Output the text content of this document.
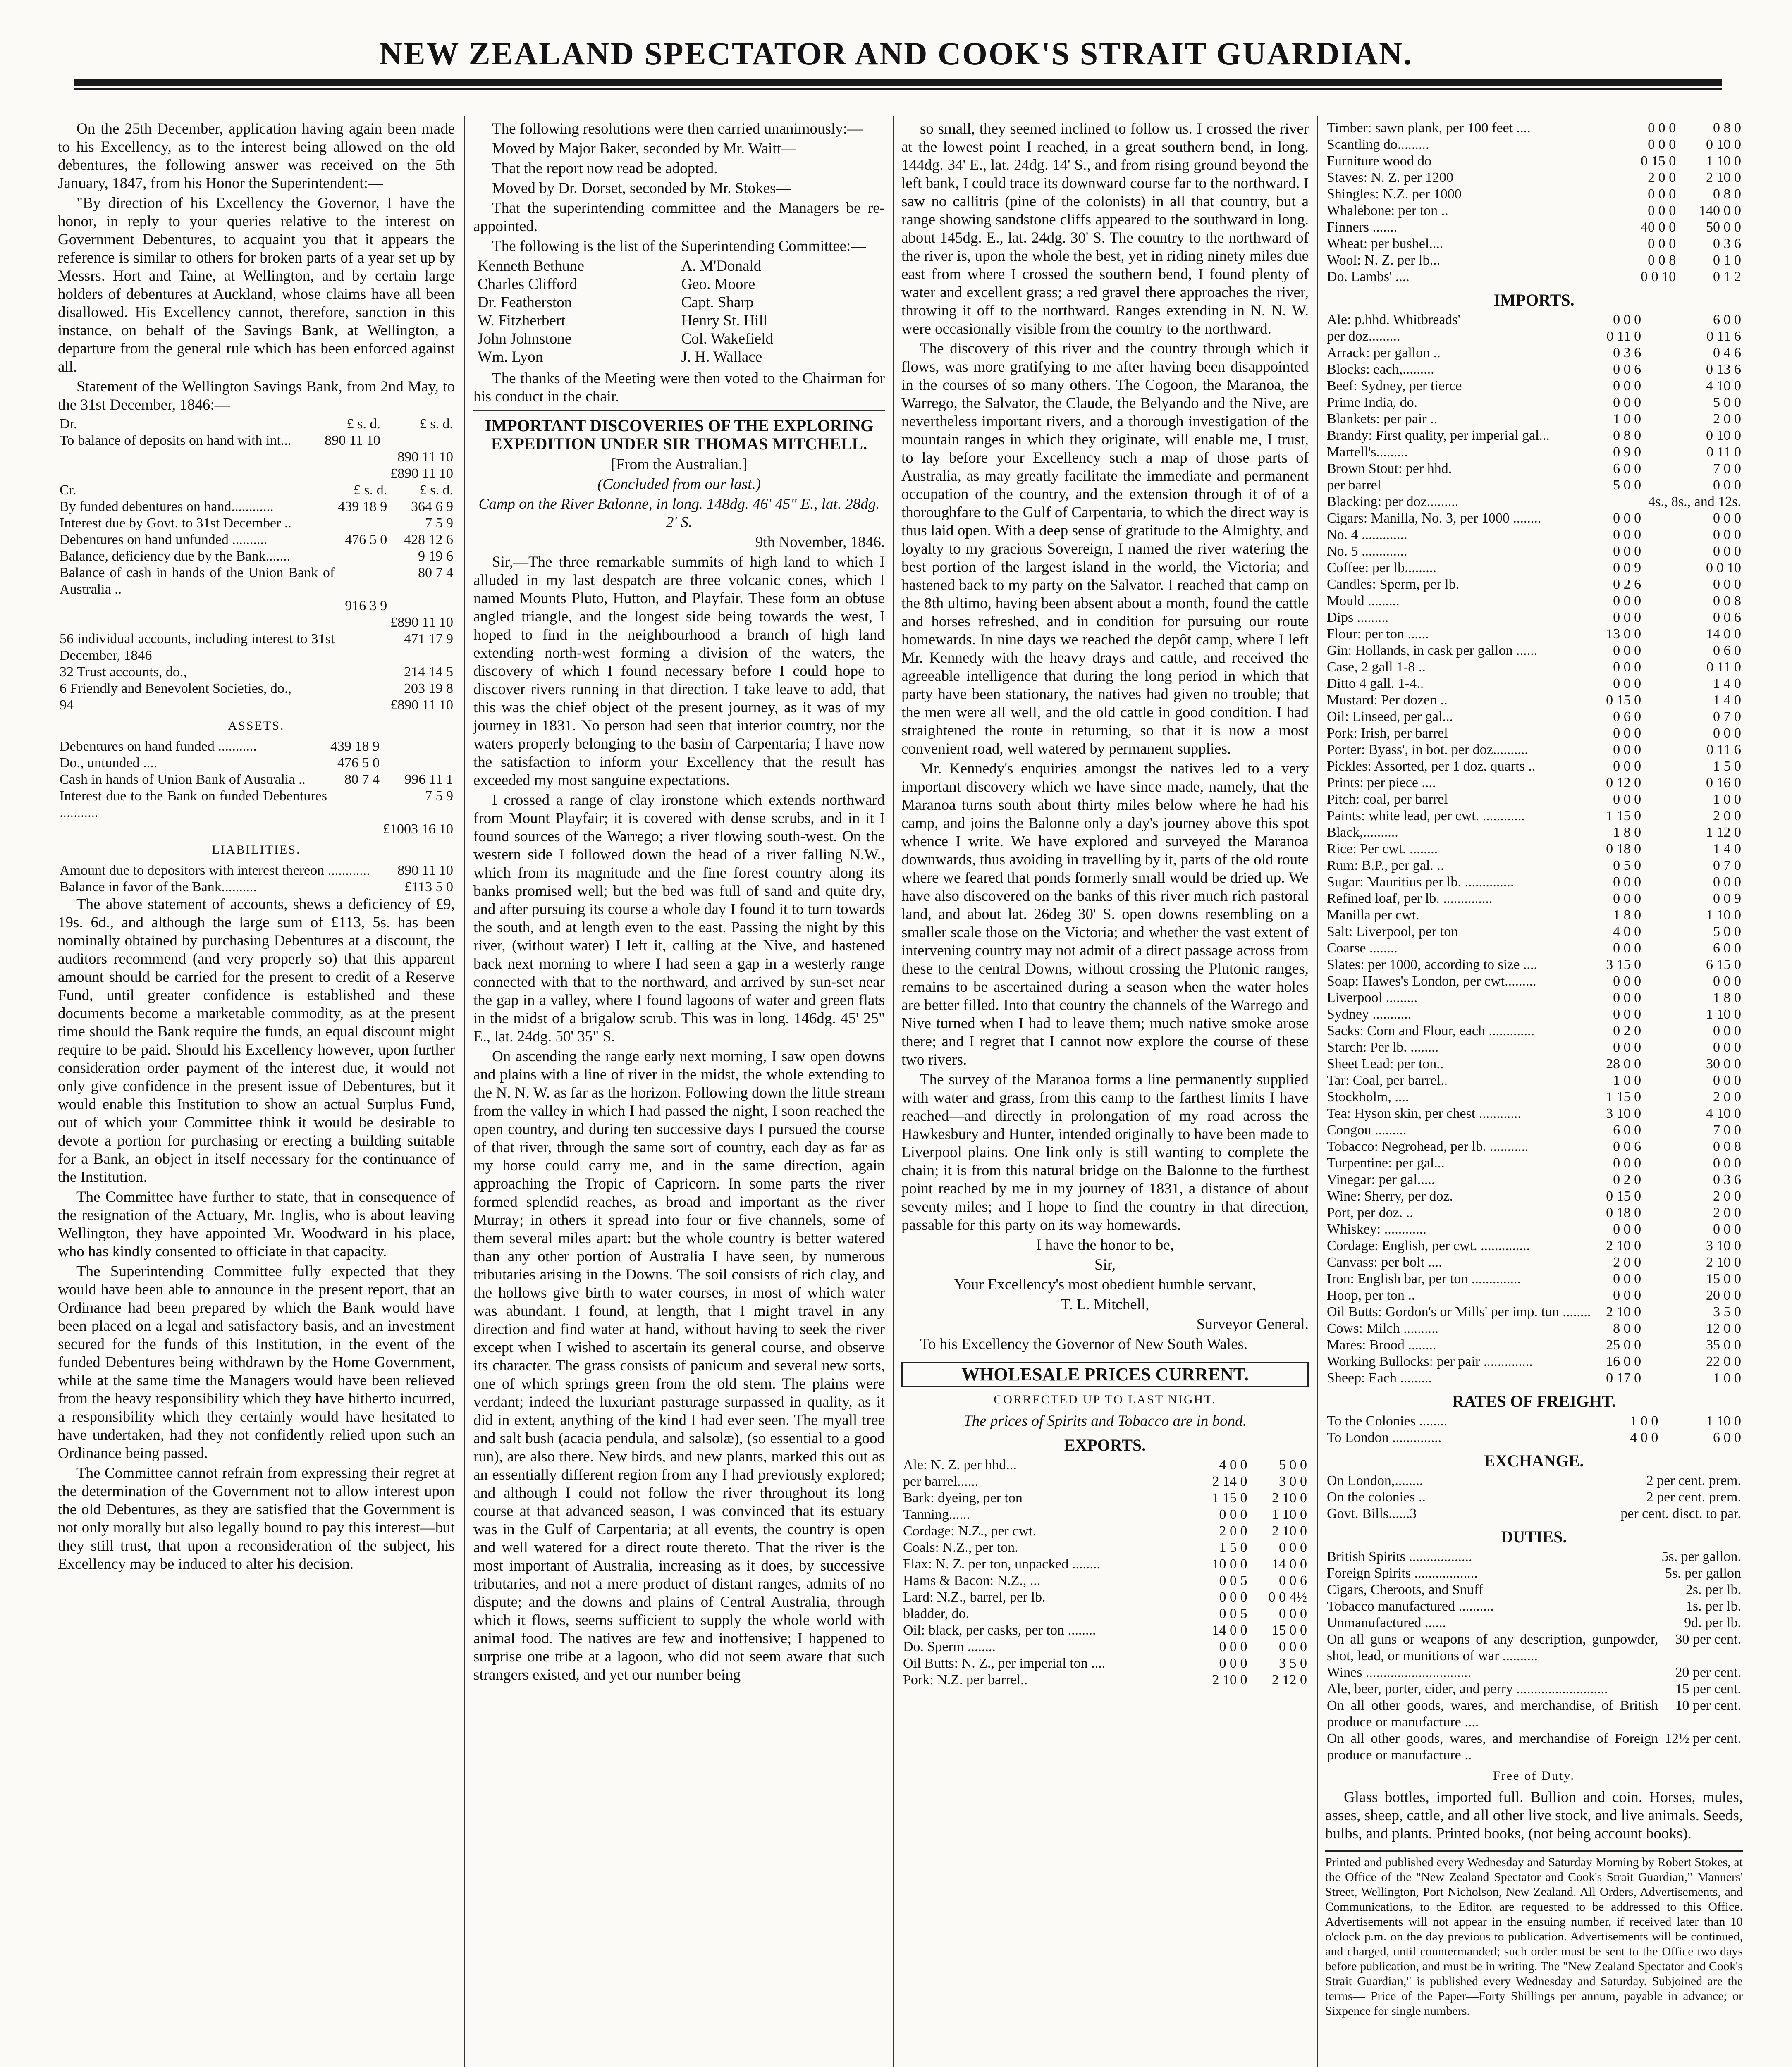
NEW ZEALAND SPECTATOR AND COOK'S STRAIT GUARDIAN.

On the 25th December, application having again been made to his Excellency, as to the interest being allowed on the old debentures, the following answer was received on the 5th January, 1847, from his Honor the Superintendent:—

"By direction of his Excellency the Governor, I have the honor, in reply to your queries relative to the interest on Government Debentures, to acquaint you that it appears the reference is similar to others for broken parts of a year set up by Messrs. Hort and Taine, at Wellington, and by certain large holders of debentures at Auckland, whose claims have all been disallowed. His Excellency cannot, therefore, sanction in this instance, on behalf of the Savings Bank, at Wellington, a departure from the general rule which has been enforced against all.

Statement of the Wellington Savings Bank, from 2nd May, to the 31st December, 1846:—

Dr.	£ s. d.	£ s. d.
To balance of deposits on hand with int...	890 11 10	
		890 11 10
		£890 11 10
Cr.	£ s. d.	£ s. d.
By funded debentures on hand............	439 18 9	364 6 9
Interest due by Govt. to 31st December ..		7 5 9
Debentures on hand unfunded ..........	476 5 0	428 12 6
Balance, deficiency due by the Bank.......		9 19 6
Balance of cash in hands of the Union Bank of Australia ..		80 7 4
	916 3 9	
		£890 11 10
56 individual accounts, including interest to 31st December, 1846		471 17 9
32 Trust accounts, do.,		214 14 5
6 Friendly and Benevolent Societies, do.,		203 19 8
94		£890 11 10
ASSETS.
Debentures on hand funded ...........	439 18 9	
Do., untunded ....	476 5 0	
Cash in hands of Union Bank of Australia ..	80 7 4	996 11 1
Interest due to the Bank on funded Debentures ...........		7 5 9
		£1003 16 10
LIABILITIES.
Amount due to depositors with interest thereon ............		890 11 10
Balance in favor of the Bank..........		£113 5 0

The above statement of accounts, shews a deficiency of £9, 19s. 6d., and although the large sum of £113, 5s. has been nominally obtained by purchasing Debentures at a discount, the auditors recommend (and very properly so) that this apparent amount should be carried for the present to credit of a Reserve Fund, until greater confidence is established and these documents become a marketable commodity, as at the present time should the Bank require the funds, an equal discount might require to be paid. Should his Excellency however, upon further consideration order payment of the interest due, it would not only give confidence in the present issue of Debentures, but it would enable this Institution to show an actual Surplus Fund, out of which your Committee think it would be desirable to devote a portion for purchasing or erecting a building suitable for a Bank, an object in itself necessary for the continuance of the Institution.

The Committee have further to state, that in consequence of the resignation of the Actuary, Mr. Inglis, who is about leaving Wellington, they have appointed Mr. Woodward in his place, who has kindly consented to officiate in that capacity.

The Superintending Committee fully expected that they would have been able to announce in the present report, that an Ordinance had been prepared by which the Bank would have been placed on a legal and satisfactory basis, and an investment secured for the funds of this Institution, in the event of the funded Debentures being withdrawn by the Home Government, while at the same time the Managers would have been relieved from the heavy responsibility which they have hitherto incurred, a responsibility which they certainly would have hesitated to have undertaken, had they not confidently relied upon such an Ordinance being passed.

The Committee cannot refrain from expressing their regret at the determination of the Government not to allow interest upon the old Debentures, as they are satisfied that the Government is not only morally but also legally bound to pay this interest—but they still trust, that upon a reconsideration of the subject, his Excellency may be induced to alter his decision.

The following resolutions were then carried unanimously:—

Moved by Major Baker, seconded by Mr. Waitt—

That the report now read be adopted.

Moved by Dr. Dorset, seconded by Mr. Stokes—

That the superintending committee and the Managers be re-appointed.

The following is the list of the Superintending Committee:—

Kenneth Bethune	A. M'Donald
Charles Clifford	Geo. Moore
Dr. Featherston	Capt. Sharp
W. Fitzherbert	Henry St. Hill
John Johnstone	Col. Wakefield
Wm. Lyon	J. H. Wallace

The thanks of the Meeting were then voted to the Chairman for his conduct in the chair.

IMPORTANT DISCOVERIES OF THE EXPLORING EXPEDITION UNDER SIR THOMAS MITCHELL.

[From the Australian.]

(Concluded from our last.)

Camp on the River Balonne, in long. 148dg. 46' 45" E., lat. 28dg. 2' S.

9th November, 1846.

Sir,—The three remarkable summits of high land to which I alluded in my last despatch are three volcanic cones, which I named Mounts Pluto, Hutton, and Playfair. These form an obtuse angled triangle, and the longest side being towards the west, I hoped to find in the neighbourhood a branch of high land extending north-west forming a division of the waters, the discovery of which I found necessary before I could hope to discover rivers running in that direction. I take leave to add, that this was the chief object of the present journey, as it was of my journey in 1831. No person had seen that interior country, nor the waters properly belonging to the basin of Carpentaria; I have now the satisfaction to inform your Excellency that the result has exceeded my most sanguine expectations.

I crossed a range of clay ironstone which extends northward from Mount Playfair; it is covered with dense scrubs, and in it I found sources of the Warrego; a river flowing south-west. On the western side I followed down the head of a river falling N.W., which from its magnitude and the fine forest country along its banks promised well; but the bed was full of sand and quite dry, and after pursuing its course a whole day I found it to turn towards the south, and at length even to the east. Passing the night by this river, (without water) I left it, calling at the Nive, and hastened back next morning to where I had seen a gap in a westerly range connected with that to the northward, and arrived by sun-set near the gap in a valley, where I found lagoons of water and green flats in the midst of a brigalow scrub. This was in long. 146dg. 45' 25" E., lat. 24dg. 50' 35" S.

On ascending the range early next morning, I saw open downs and plains with a line of river in the midst, the whole extending to the N. N. W. as far as the horizon. Following down the little stream from the valley in which I had passed the night, I soon reached the open country, and during ten successive days I pursued the course of that river, through the same sort of country, each day as far as my horse could carry me, and in the same direction, again approaching the Tropic of Capricorn. In some parts the river formed splendid reaches, as broad and important as the river Murray; in others it spread into four or five channels, some of them several miles apart: but the whole country is better watered than any other portion of Australia I have seen, by numerous tributaries arising in the Downs. The soil consists of rich clay, and the hollows give birth to water courses, in most of which water was abundant. I found, at length, that I might travel in any direction and find water at hand, without having to seek the river except when I wished to ascertain its general course, and observe its character. The grass consists of panicum and several new sorts, one of which springs green from the old stem. The plains were verdant; indeed the luxuriant pasturage surpassed in quality, as it did in extent, anything of the kind I had ever seen. The myall tree and salt bush (acacia pendula, and salsolæ), (so essential to a good run), are also there. New birds, and new plants, marked this out as an essentially different region from any I had previously explored; and although I could not follow the river throughout its long course at that advanced season, I was convinced that its estuary was in the Gulf of Carpentaria; at all events, the country is open and well watered for a direct route thereto. That the river is the most important of Australia, increasing as it does, by successive tributaries, and not a mere product of distant ranges, admits of no dispute; and the downs and plains of Central Australia, through which it flows, seems sufficient to supply the whole world with animal food. The natives are few and inoffensive; I happened to surprise one tribe at a lagoon, who did not seem aware that such strangers existed, and yet our number being

so small, they seemed inclined to follow us. I crossed the river at the lowest point I reached, in a great southern bend, in long. 144dg. 34' E., lat. 24dg. 14' S., and from rising ground beyond the left bank, I could trace its downward course far to the northward. I saw no callitris (pine of the colonists) in all that country, but a range showing sandstone cliffs appeared to the southward in long. about 145dg. E., lat. 24dg. 30' S. The country to the northward of the river is, upon the whole the best, yet in riding ninety miles due east from where I crossed the southern bend, I found plenty of water and excellent grass; a red gravel there approaches the river, throwing it off to the northward. Ranges extending in N. N. W. were occasionally visible from the country to the northward.

The discovery of this river and the country through which it flows, was more gratifying to me after having been disappointed in the courses of so many others. The Cogoon, the Maranoa, the Warrego, the Salvator, the Claude, the Belyando and the Nive, are nevertheless important rivers, and a thorough investigation of the mountain ranges in which they originate, will enable me, I trust, to lay before your Excellency such a map of those parts of Australia, as may greatly facilitate the immediate and permanent occupation of the country, and the extension through it of of a thoroughfare to the Gulf of Carpentaria, to which the direct way is thus laid open. With a deep sense of gratitude to the Almighty, and loyalty to my gracious Sovereign, I named the river watering the best portion of the largest island in the world, the Victoria; and hastened back to my party on the Salvator. I reached that camp on the 8th ultimo, having been absent about a month, found the cattle and horses refreshed, and in condition for pursuing our route homewards. In nine days we reached the depôt camp, where I left Mr. Kennedy with the heavy drays and cattle, and received the agreeable intelligence that during the long period in which that party have been stationary, the natives had given no trouble; that the men were all well, and the old cattle in good condition. I had straightened the route in returning, so that it is now a most convenient road, well watered by permanent supplies.

Mr. Kennedy's enquiries amongst the natives led to a very important discovery which we have since made, namely, that the Maranoa turns south about thirty miles below where he had his camp, and joins the Balonne only a day's journey above this spot whence I write. We have explored and surveyed the Maranoa downwards, thus avoiding in travelling by it, parts of the old route where we feared that ponds formerly small would be dried up. We have also discovered on the banks of this river much rich pastoral land, and about lat. 26deg 30' S. open downs resembling on a smaller scale those on the Victoria; and whether the vast extent of intervening country may not admit of a direct passage across from these to the central Downs, without crossing the Plutonic ranges, remains to be ascertained during a season when the water holes are better filled. Into that country the channels of the Warrego and Nive turned when I had to leave them; much native smoke arose there; and I regret that I cannot now explore the course of these two rivers.

The survey of the Maranoa forms a line permanently supplied with water and grass, from this camp to the farthest limits I have reached—and directly in prolongation of my road across the Hawkesbury and Hunter, intended originally to have been made to Liverpool plains. One link only is still wanting to complete the chain; it is from this natural bridge on the Balonne to the furthest point reached by me in my journey of 1831, a distance of about seventy miles; and I hope to find the country in that direction, passable for this party on its way homewards.

I have the honor to be,

Sir,

Your Excellency's most obedient humble servant,

T. L. Mitchell,

Surveyor General.

To his Excellency the Governor of New South Wales.

WHOLESALE PRICES CURRENT.
CORRECTED UP TO LAST NIGHT.

The prices of Spirits and Tobacco are in bond.

EXPORTS.
Ale: N. Z. per hhd...	4 0 0	5 0 0
per barrel......	2 14 0	3 0 0
Bark: dyeing, per ton	1 15 0	2 10 0
Tanning......	0 0 0	1 10 0
Cordage: N.Z., per cwt.	2 0 0	2 10 0
Coals: N.Z., per ton.	1 5 0	0 0 0
Flax: N. Z. per ton, unpacked ........	10 0 0	14 0 0
Hams & Bacon: N.Z., ...	0 0 5	0 0 6
Lard: N.Z., barrel, per lb.	0 0 0	0 0 4½
bladder, do.	0 0 5	0 0 0
Oil: black, per casks, per ton ........	14 0 0	15 0 0
Do. Sperm ........	0 0 0	0 0 0
Oil Butts: N. Z., per imperial ton ....	0 0 0	3 5 0
Pork: N.Z. per barrel..	2 10 0	2 12 0
Timber: sawn plank, per 100 feet ....	0 0 0	0 8 0
Scantling do.........	0 0 0	0 10 0
Furniture wood do	0 15 0	1 10 0
Staves: N. Z. per 1200	2 0 0	2 10 0
Shingles: N.Z. per 1000	0 0 0	0 8 0
Whalebone: per ton ..	0 0 0	140 0 0
Finners .......	40 0 0	50 0 0
Wheat: per bushel....	0 0 0	0 3 6
Wool: N. Z. per lb...	0 0 8	0 1 0
Do. Lambs' ....	0 0 10	0 1 2
IMPORTS.
Ale: p.hhd. Whitbreads'	0 0 0	6 0 0
per doz.........	0 11 0	0 11 6
Arrack: per gallon ..	0 3 6	0 4 6
Blocks: each,.........	0 0 6	0 13 6
Beef: Sydney, per tierce	0 0 0	4 10 0
Prime India, do.	0 0 0	5 0 0
Blankets: per pair ..	1 0 0	2 0 0
Brandy: First quality, per imperial gal...	0 8 0	0 10 0
Martell's.........	0 9 0	0 11 0
Brown Stout: per hhd.	6 0 0	7 0 0
per barrel	5 0 0	0 0 0
Blacking: per doz.........		4s., 8s., and 12s.
Cigars: Manilla, No. 3, per 1000 ........	0 0 0	0 0 0
No. 4 .............	0 0 0	0 0 0
No. 5 .............	0 0 0	0 0 0
Coffee: per lb.........	0 0 9	0 0 10
Candles: Sperm, per lb.	0 2 6	0 0 0
Mould .........	0 0 0	0 0 8
Dips .........	0 0 0	0 0 6
Flour: per ton ......	13 0 0	14 0 0
Gin: Hollands, in cask per gallon ......	0 0 0	0 6 0
Case, 2 gall 1-8 ..	0 0 0	0 11 0
Ditto 4 gall. 1-4..	0 0 0	1 4 0
Mustard: Per dozen ..	0 15 0	1 4 0
Oil: Linseed, per gal...	0 6 0	0 7 0
Pork: Irish, per barrel	0 0 0	0 0 0
Porter: Byass', in bot. per doz..........	0 0 0	0 11 6
Pickles: Assorted, per 1 doz. quarts ..	0 0 0	1 5 0
Prints: per piece ....	0 12 0	0 16 0
Pitch: coal, per barrel	0 0 0	1 0 0
Paints: white lead, per cwt. ............	1 15 0	2 0 0
Black,..........	1 8 0	1 12 0
Rice: Per cwt. ........	0 18 0	1 4 0
Rum: B.P., per gal. ..	0 5 0	0 7 0
Sugar: Mauritius per lb. ..............	0 0 0	0 0 0
Refined loaf, per lb. ..............	0 0 0	0 0 9
Manilla per cwt.	1 8 0	1 10 0
Salt: Liverpool, per ton	4 0 0	5 0 0
Coarse ........	0 0 0	6 0 0
Slates: per 1000, according to size ....	3 15 0	6 15 0
Soap: Hawes's London, per cwt.........	0 0 0	0 0 0
Liverpool .........	0 0 0	1 8 0
Sydney ...........	0 0 0	1 10 0
Sacks: Corn and Flour, each .............	0 2 0	0 0 0
Starch: Per lb. ........	0 0 0	0 0 0
Sheet Lead: per ton..	28 0 0	30 0 0
Tar: Coal, per barrel..	1 0 0	0 0 0
Stockholm, ....	1 15 0	2 0 0
Tea: Hyson skin, per chest ............	3 10 0	4 10 0
Congou .........	6 0 0	7 0 0
Tobacco: Negrohead, per lb. ...........	0 0 6	0 0 8
Turpentine: per gal...	0 0 0	0 0 0
Vinegar: per gal.....	0 2 0	0 3 6
Wine: Sherry, per doz.	0 15 0	2 0 0
Port, per doz. ..	0 18 0	2 0 0
Whiskey: ............	0 0 0	0 0 0
Cordage: English, per cwt. ..............	2 10 0	3 10 0
Canvass: per bolt ....	2 0 0	2 10 0
Iron: English bar, per ton ..............	0 0 0	15 0 0
Hoop, per ton ..	0 0 0	20 0 0
Oil Butts: Gordon's or Mills' per imp. tun ........	2 10 0	3 5 0
Cows: Milch ..........	8 0 0	12 0 0
Mares: Brood ........	25 0 0	35 0 0
Working Bullocks: per pair ..............	16 0 0	22 0 0
Sheep: Each .........	0 17 0	1 0 0
RATES OF FREIGHT.
To the Colonies ........	1 0 0	1 10 0
To London ..............	4 0 0	6 0 0
EXCHANGE.
On London,........	2 per cent. prem.
On the colonies ..	2 per cent. prem.
Govt. Bills......3	per cent. disct. to par.
DUTIES.
British Spirits ..................	5s. per gallon.
Foreign Spirits ..................	5s. per gallon
Cigars, Cheroots, and Snuff	2s. per lb.
Tobacco manufactured ..........	1s. per lb.
Unmanufactured ......	9d. per lb.
On all guns or weapons of any description, gunpowder, shot, lead, or munitions of war ..........	30 per cent.
Wines ..............................	20 per cent.
Ale, beer, porter, cider, and perry ..........................	15 per cent.
On all other goods, wares, and merchandise, of British produce or manufacture ....	10 per cent.
On all other goods, wares, and merchandise of Foreign produce or manufacture ..	12½ per cent.
Free of Duty.

Glass bottles, imported full. Bullion and coin. Horses, mules, asses, sheep, cattle, and all other live stock, and live animals. Seeds, bulbs, and plants. Printed books, (not being account books).

Printed and published every Wednesday and Saturday Morning by Robert Stokes, at the Office of the "New Zealand Spectator and Cook's Strait Guardian," Manners' Street, Wellington, Port Nicholson, New Zealand. All Orders, Advertisements, and Communications, to the Editor, are requested to be addressed to this Office. Advertisements will not appear in the ensuing number, if received later than 10 o'clock p.m. on the day previous to publication. Advertisements will be continued, and charged, until countermanded; such order must be sent to the Office two days before publication, and must be in writing. The "New Zealand Spectator and Cook's Strait Guardian," is published every Wednesday and Saturday. Subjoined are the terms— Price of the Paper—Forty Shillings per annum, payable in advance; or Sixpence for single numbers.
